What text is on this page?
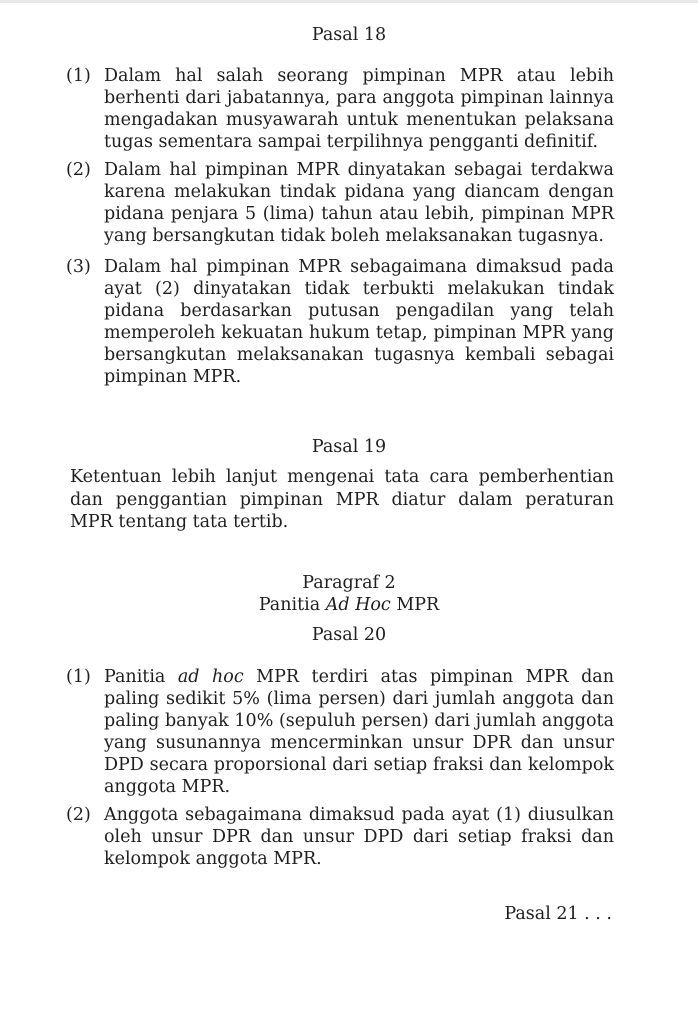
Pasal 18
(1) Dalam hal salah seorang pimpinan MPR atau lebih berhenti dari jabatannya, para anggota pimpinan lainnya mengadakan musyawarah untuk menentukan pelaksana tugas sementara sampai terpilihnya pengganti definitif.
(2) Dalam hal pimpinan MPR dinyatakan sebagai terdakwa karena melakukan tindak pidana yang diancam dengan pidana penjara 5 (lima) tahun atau lebih, pimpinan MPR yang bersangkutan tidak boleh melaksanakan tugasnya.
(3) Dalam hal pimpinan MPR sebagaimana dimaksud pada ayat (2) dinyatakan tidak terbukti melakukan tindak pidana berdasarkan putusan pengadilan yang telah memperoleh kekuatan hukum tetap, pimpinan MPR yang bersangkutan melaksanakan tugasnya kembali sebagai pimpinan MPR.
Pasal 19
Ketentuan lebih lanjut mengenai tata cara pemberhentian dan penggantian pimpinan MPR diatur dalam peraturan MPR tentang tata tertib.
Paragraf 2
Panitia Ad Hoc MPR
Pasal 20
(1) Panitia ad hoc MPR terdiri atas pimpinan MPR dan paling sedikit 5% (lima persen) dari jumlah anggota dan paling banyak 10% (sepuluh persen) dari jumlah anggota yang susunannya mencerminkan unsur DPR dan unsur DPD secara proporsional dari setiap fraksi dan kelompok anggota MPR.
(2) Anggota sebagaimana dimaksud pada ayat (1) diusulkan oleh unsur DPR dan unsur DPD dari setiap fraksi dan kelompok anggota MPR.
Pasal 21 . . .
